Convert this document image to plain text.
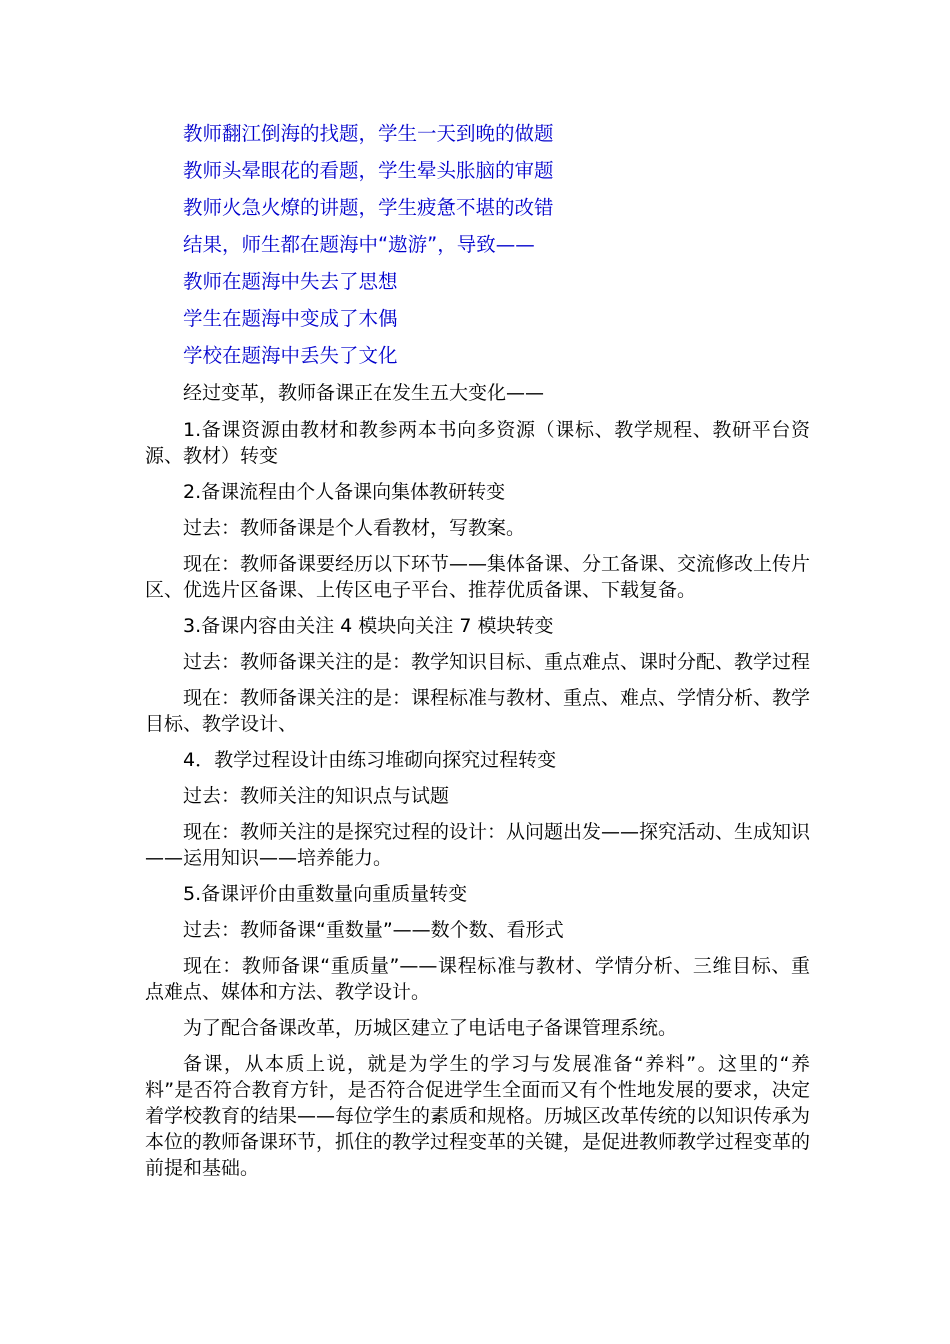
教师翻江倒海的找题，学生一天到晚的做题
教师头晕眼花的看题，学生晕头胀脑的审题
教师火急火燎的讲题，学生疲惫不堪的改错
结果，师生都在题海中“遨游”，导致——
教师在题海中失去了思想
学生在题海中变成了木偶
学校在题海中丢失了文化

经过变革，教师备课正在发生五大变化——

1.备课资源由教材和教参两本书向多资源（课标、教学规程、教研平台资源、教材）转变

2.备课流程由个人备课向集体教研转变

过去：教师备课是个人看教材，写教案。

现在：教师备课要经历以下环节——集体备课、分工备课、交流修改上传片区、优选片区备课、上传区电子平台、推荐优质备课、下载复备。

3.备课内容由关注 4 模块向关注 7 模块转变

过去：教师备课关注的是：教学知识目标、重点难点、课时分配、教学过程

现在：教师备课关注的是：课程标准与教材、重点、难点、学情分析、教学目标、教学设计、

4．教学过程设计由练习堆砌向探究过程转变

过去：教师关注的知识点与试题

现在：教师关注的是探究过程的设计：从问题出发——探究活动、生成知识——运用知识——培养能力。

5.备课评价由重数量向重质量转变

过去：教师备课“重数量”——数个数、看形式

现在：教师备课“重质量”——课程标准与教材、学情分析、三维目标、重点难点、媒体和方法、教学设计。

为了配合备课改革，历城区建立了电话电子备课管理系统。

备课，从本质上说，就是为学生的学习与发展准备“养料”。这里的“养料”是否符合教育方针，是否符合促进学生全面而又有个性地发展的要求，决定着学校教育的结果——每位学生的素质和规格。历城区改革传统的以知识传承为本位的教师备课环节，抓住的教学过程变革的关键，是促进教师教学过程变革的前提和基础。
